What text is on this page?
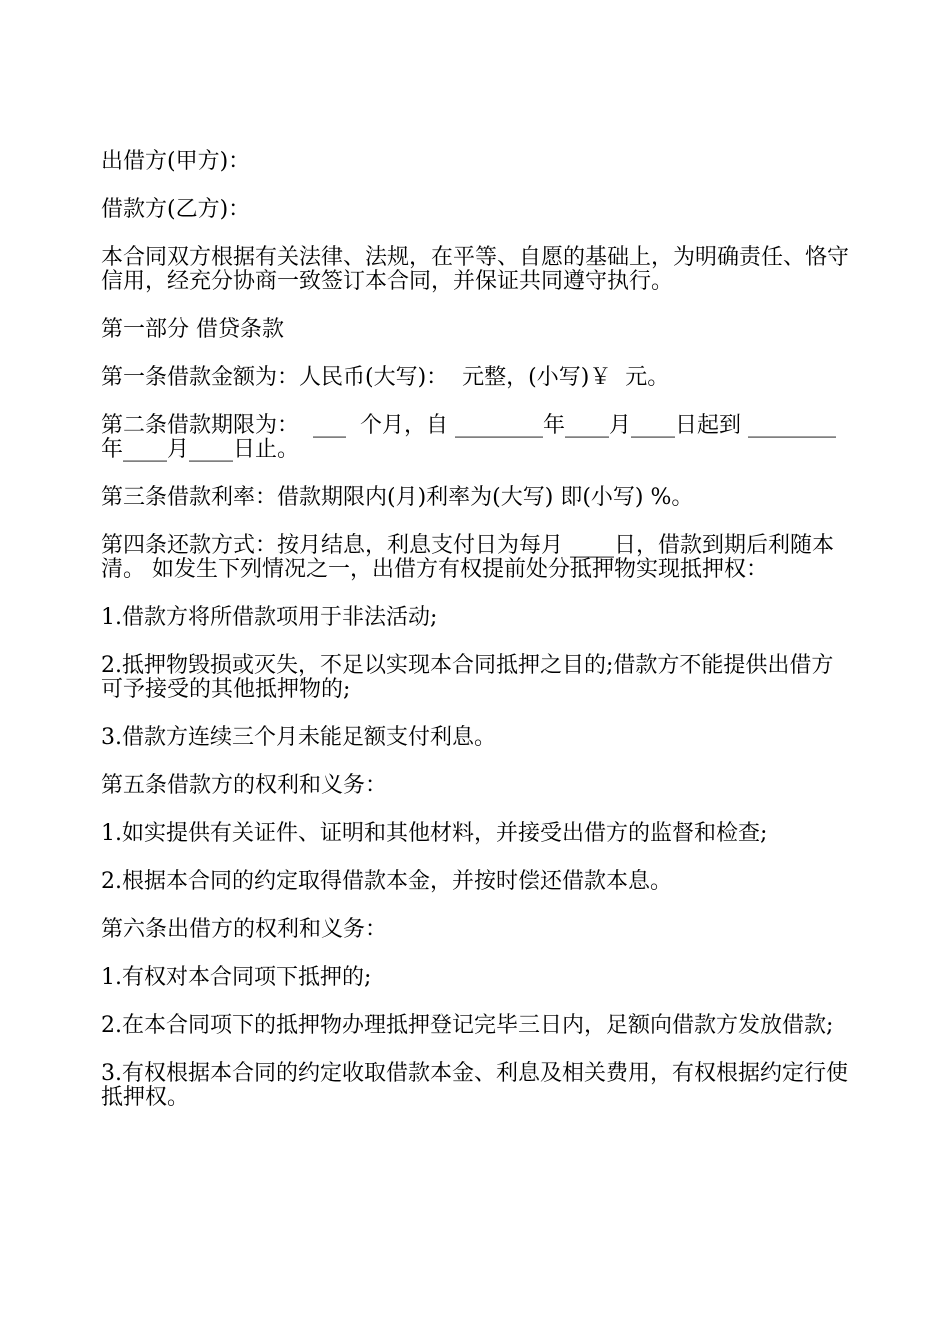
出借方(甲方)：

借款方(乙方)：

本合同双方根据有关法律、法规，在平等、自愿的基础上，为明确责任、恪守信用，经充分协商一致签订本合同，并保证共同遵守执行。

第一部分 借贷条款

第一条借款金额为：人民币(大写)：  元整，(小写)￥  元。

第二条借款期限为：  ___  个月，自 ________年____月____日起到 ________年____月____日止。

第三条借款利率：借款期限内(月)利率为(大写) 即(小写) %。

第四条还款方式：按月结息，利息支付日为每月 ____日，借款到期后利随本清。 如发生下列情况之一，出借方有权提前处分抵押物实现抵押权：

1.借款方将所借款项用于非法活动;

2.抵押物毁损或灭失，不足以实现本合同抵押之目的;借款方不能提供出借方可予接受的其他抵押物的;

3.借款方连续三个月未能足额支付利息。

第五条借款方的权利和义务：

1.如实提供有关证件、证明和其他材料，并接受出借方的监督和检查;

2.根据本合同的约定取得借款本金，并按时偿还借款本息。

第六条出借方的权利和义务：

1.有权对本合同项下抵押的;

2.在本合同项下的抵押物办理抵押登记完毕三日内，足额向借款方发放借款;

3.有权根据本合同的约定收取借款本金、利息及相关费用，有权根据约定行使抵押权。
